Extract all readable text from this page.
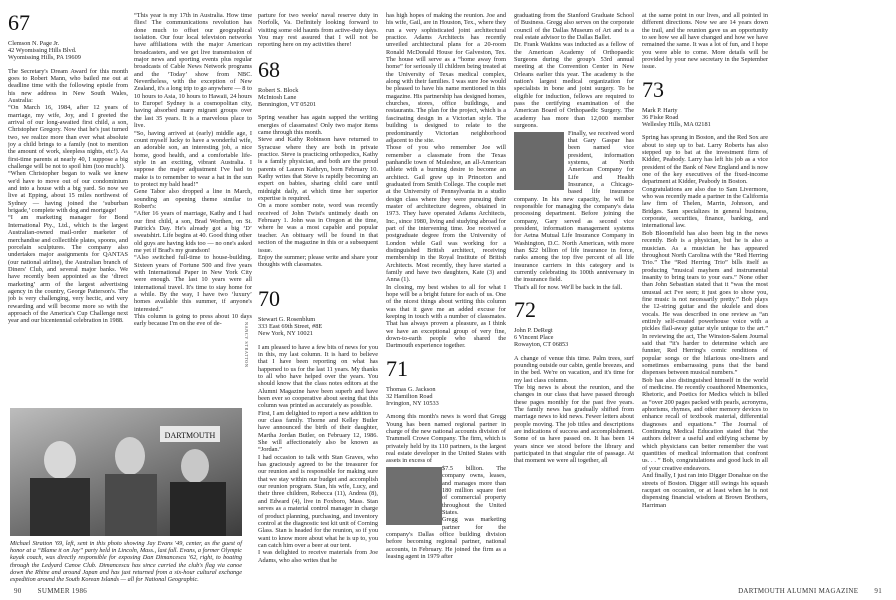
67
Clemson N. Page Jr.
42 Wyomissing Hills Blvd.
Wyomissing Hills, PA 19609

The Secretary's Dream Award for this month goes to Robert Mann, who bailed me out at deadline time with the following epistle from his new address in New South Wales, Australia:

“On March 16, 1984, after 12 years of marriage, my wife, Joy, and I greeted the arrival of our long-awaited first child, a son, Christopher Gregory. Now that he's just turned two, we realize more than ever what absolute joy a child brings to a family (not to mention the amount of work, sleepless nights, etc!). As first-time parents at nearly 40, I suppose a big challenge will be not to spoil him (too much!).

“When Christopher began to walk we knew we'd have to move out of our condominium and into a house with a big yard. So now we live at Epping, about 15 miles northwest of Sydney — having joined the ‘suburban brigade,’ complete with dog and mortgage!

“I am marketing manager for Bond International Pty., Ltd., which is the largest Australian-owned mail-order marketer of merchandise and collectible plates, spoons, and porcelain sculptures. The company also undertakes major assignments for QANTAS (our national airline), the Australian branch of Diners' Club, and several major banks. We have recently been appointed as the ‘direct marketing’ arm of the largest advertising agency in the country, George Patterson's. The job is very challenging, very hectic, and very rewarding and will become more so with the approach of the America's Cup Challenge next year and our bicentennial celebration in 1988.

“This year is my 17th in Australia. How time flies! The communications revolution has done much to offset our geographical isolation. Our four local television networks have affiliations with the major American broadcasters, and we get live transmission of major news and sporting events plus regular broadcasts of Cable News Network programs and the ‘Today’ show from NBC. Nevertheless, with the exception of New Zealand, it's a long trip to go anywhere — 8 to 10 hours to Asia, 10 hours to Hawaii, 24 hours to Europe! Sydney is a cosmopolitan city, having absorbed many migrant groups over the last 35 years. It is a marvelous place to live.

“So, having arrived at (early) middle age, I count myself lucky to have a wonderful wife, an adorable son, an interesting job, a nice home, good health, and a comfortable life-style in an exciting, vibrant Australia. I suppose the major adjustment I've had to make is to remember to wear a hat in the sun to protect my bald head!”

Gene Tabor also dropped a line in March, sounding an opening theme similar to Robert's:

“After 16 years of marriage, Kathy and I had our first child, a son, Brad Worthen, on St. Patrick's Day. He's already got a big ‘D’ sweatshirt. Life begins at 40. Good thing other old guys are having kids too — no one's asked me yet if Brad's my grandson!

“Also switched full-time to house-building. Sixteen years of Fortune 500 and five years with International Paper in New York City were enough. The last 10 years were all international travel. It's time to stay home for a while. By the way, I have two ‘luxury’ homes available this summer, if anyone's interested.”

This column is going to press about 10 days early because I'm on the eve of de-

DARTMOUTH
NANCY STRATTON
Michael Stratton '69, left, sent in this photo showing Jay Evans '49, center, as the guest of honor at a “Blame it on Jay” party held in Lincoln, Mass., last fall. Evans, a former Olympic kayak coach, was directly responsible for exposing Dan Dimancescu '62, right, to boating through the Ledyard Canoe Club. Dimancescu has since carried the club's flag via canoe down the Rhine and around Japan and has just returned from a six-hour cultural exchange expedition around the South Korean Islands — all for National Geographic.

parture for two weeks' naval reserve duty in Norfolk, Va. Definitely looking forward to visiting some old haunts from active-duty days. You may rest assured that I will not be reporting here on my activities there!

68
Robert S. Block
McIntosh Lane
Bennington, VT 05201

Spring weather has again sapped the writing energies of classmates! Only two major items came through this month.

Steve and Kathy Robinson have returned to Syracuse where they are both in private practice. Steve is practicing orthopedics, Kathy is a family physician, and both are the proud parents of Lauren Kathryn, born February 10. Kathy writes that Steve is rapidly becoming an expert on babies, sharing child care until midnight daily, at which time her superior expertise is required.

On a more somber note, word was recently received of John Twist's untimely death on February 1. John was in Oregon at the time, where he was a most capable and popular teacher. An obituary will be found in that section of the magazine in this or a subsequent issue.

Enjoy the summer; please write and share your thoughts with classmates.

70
Stewart G. Rosenblum
333 East 69th Street, #8E
New York, NY 10021

I am pleased to have a few bits of news for you in this, my last column. It is hard to believe that I have been reporting on what has happened to us for the last 11 years. My thanks to all who have helped over the years. You should know that the class notes editors at the Alumni Magazine have been superb and have been ever so cooperative about seeing that this column was printed as accurately as possible.

First, I am delighted to report a new addition to our class family. Thorne and Kelley Butler have announced the birth of their daughter, Martha Jordan Butler, on February 12, 1986. She will affectionately also be known as “Jordan.”

I had occasion to talk with Stan Graves, who has graciously agreed to be the treasurer for our reunion and is responsible for making sure that we stay within our budget and accomplish our reunion program. Stan, his wife, Lucy, and their three children, Rebecca (11), Andrea (8), and Edward (4), live in Foxboro, Mass. Stan serves as a material control manager in charge of product planning, purchasing, and inventory control at the diagnostic test kit unit of Corning Glass. Stan is headed for the reunion, so if you want to know more about what he is up to, you can catch him over a beer at our tent.

I was delighted to receive materials from Joe Adams, who also writes that he

has high hopes of making the reunion. Joe and his wife, Gail, are in Houston, Tex., where they run a very sophisticated joint architectural practice. Adams Architects has recently unveiled architectural plans for a 20-room Ronald McDonald House for Galveston, Tex. The house will serve as a “home away from home” for seriously ill children being treated at the University of Texas medical complex, along with their families. I was sure Joe would be pleased to have his name mentioned in this magazine. His partnership has designed homes, churches, stores, office buildings, and restaurants. The plan for the project, which is a fascinating design in a Victorian style. The building is designed to relate to the predominantly Victorian neighborhood adjacent to the site.

Those of you who remember Joe will remember a classmate from the Texas panhandle town of Muleshoe, an all-American athlete with a burning desire to become an architect. Gail grew up in Princeton and graduated from Smith College. The couple met at the University of Pennsylvania in a studio design class where they were pursuing their master of architecture degrees, obtained in 1973. They have operated Adams Architects, Inc., since 1980, living and studying abroad for part of the intervening time. Joe received a postgraduate degree from the University of London while Gail was working for a distinguished British architect, receiving membership in the Royal Institute of British Architects. Most recently, they have started a family and have two daughters, Kate (3) and Anna (1).

In closing, my best wishes to all for what I hope will be a bright future for each of us. One of the nicest things about writing this column was that it gave me an added excuse for keeping in touch with a number of classmates. That has always proven a pleasure, as I think we have an exceptional group of very fine, down-to-earth people who shared the Dartmouth experience together.

71
Thomas G. Jackson
32 Hamilton Road
Irvington, NY 10533

Among this month's news is word that Gregg Young has been named regional partner in charge of the new national accounts division of Trammell Crowe Company. The firm, which is privately held by its 110 partners, is the largest real estate developer in the United States with assets in excess of

$7.5 billion. The company owns, leases, and manages more than 180 million square feet of commercial property throughout the United States.

Gregg was marketing partner for the company's Dallas office building division before becoming regional partner, national accounts, in February. He joined the firm as a leasing agent in 1979 after

graduating from the Stanford Graduate School of Business. Gregg also serves on the corporate council of the Dallas Museum of Art and is a real estate advisor to the Dallas Ballet.

Dr. Frank Watkins was inducted as a fellow of the American Academy of Orthopaedic Surgeons during the group's 53rd annual meeting at the Convention Center in New Orleans earlier this year. The academy is the nation's largest medical organization for specialists in bone and joint surgery. To be eligible for induction, fellows are required to pass the certifying examination of the American Board of Orthopaedic Surgery. The academy has more than 12,000 member surgeons.

Finally, we received word that Gary Gaspar has been named vice president, information systems, at North American Company for Life and Health Insurance, a Chicago-based life insurance company. In his new capacity, he will be responsible for managing the company's data processing department. Before joining the company, Gary served as second vice president, information management systems for Aetna Mutual Life Insurance Company in Washington, D.C. North American, with more than $22 billion of life insurance in force, ranks among the top five percent of all life insurance carriers in this category and is currently celebrating its 100th anniversary in the insurance field.

That's all for now. We'll be back in the fall.

72
John P. DeRegt
6 Vincent Place
Rowayton, CT 06853

A change of venue this time. Palm trees, surf pounding outside our cabin, gentle breezes, and in the bed. We're on vacation, and it's time for my last class column.

The big news is about the reunion, and the changes in our class that have passed through these pages monthly for the past five years. The family news has gradually shifted from marriage news to kid news. Fewer letters about people moving. The job titles and descriptions are indications of success and accomplishment. Some of us have passed on. It has been 14 years since we stood before the library and participated in that singular rite of passage. At that moment we were all together, all

at the same point in our lives, and all pointed in different directions. Now we are 14 years down the trail, and the reunion gave us an opportunity to see how we all have changed and how we have remained the same. It was a lot of fun, and I hope you were able to come. More details will be provided by your new secretary in the September issue.

73
Mark P. Harty
36 Fiske Road
Wellesley Hills, MA 02181

Spring has sprung in Boston, and the Red Sox are about to step up to bat. Larry Roberts has also stepped up to bat at the investment firm of Kidder, Peabody. Larry has left his job as a vice president of the Bank of New England and is now one of the key executives of the fixed-income department at Kidder, Peabody in Boston.

Congratulations are also due to Sam Livermore, who was recently made a partner in the California law firm of Thelen, Marrin, Johnson, and Bridges. Sam specializes in general business, corporate, securities, finance, banking, and international law.

Bob Bloomfield has also been big in the news recently. Bob is a physician, but he is also a musician. As a musician he has appeared throughout North Carolina with the “Red Herring Trio.” The “Red Herring Trio” bills itself as producing “musical mayhem and instrumental insanity to bring tears to your ears.” None other than John Sebastian stated that it “was the most unusual act I've seen; it just goes to show you, fine music is not necessarily pretty.” Bob plays the 12-string guitar and the ukulele and does vocals. He was described in one review as “an entirely self-created powerhouse voice with a pickles flail-away guitar style unique to the art.” In reviewing the act, The Winston-Salem Journal said that “it's harder to determine which are funnier, Red Herring's comic renditions of popular songs or the hilarious one-liners and sometimes embarrassing puns that the band dispenses between musical numbers.”

Bob has also distinguished himself in the world of medicine. He recently coauthored Mnemonics, Rhetoric, and Poetics for Medics which is billed as “over 200 pages packed with pearls, acronyms, aphorisms, rhymes, and other memory devices to enhance recall of textbook material, differential diagnoses and equations.” The Journal of Continuing Medical Education stated that “the authors deliver a useful and edifying scheme by which physicians can better remember the vast quantities of medical information that confront us. . . ” Bob, congratulations and good luck in all of your creative endeavors.

And finally, I just ran into Digger Donahue on the streets of Boston. Digger still swings his squash racquet on occasion, or at least when he is not dispensing financial wisdom at Brown Brothers, Harriman

90 SUMMER 1986	DARTMOUTH ALUMNI MAGAZINE 91
